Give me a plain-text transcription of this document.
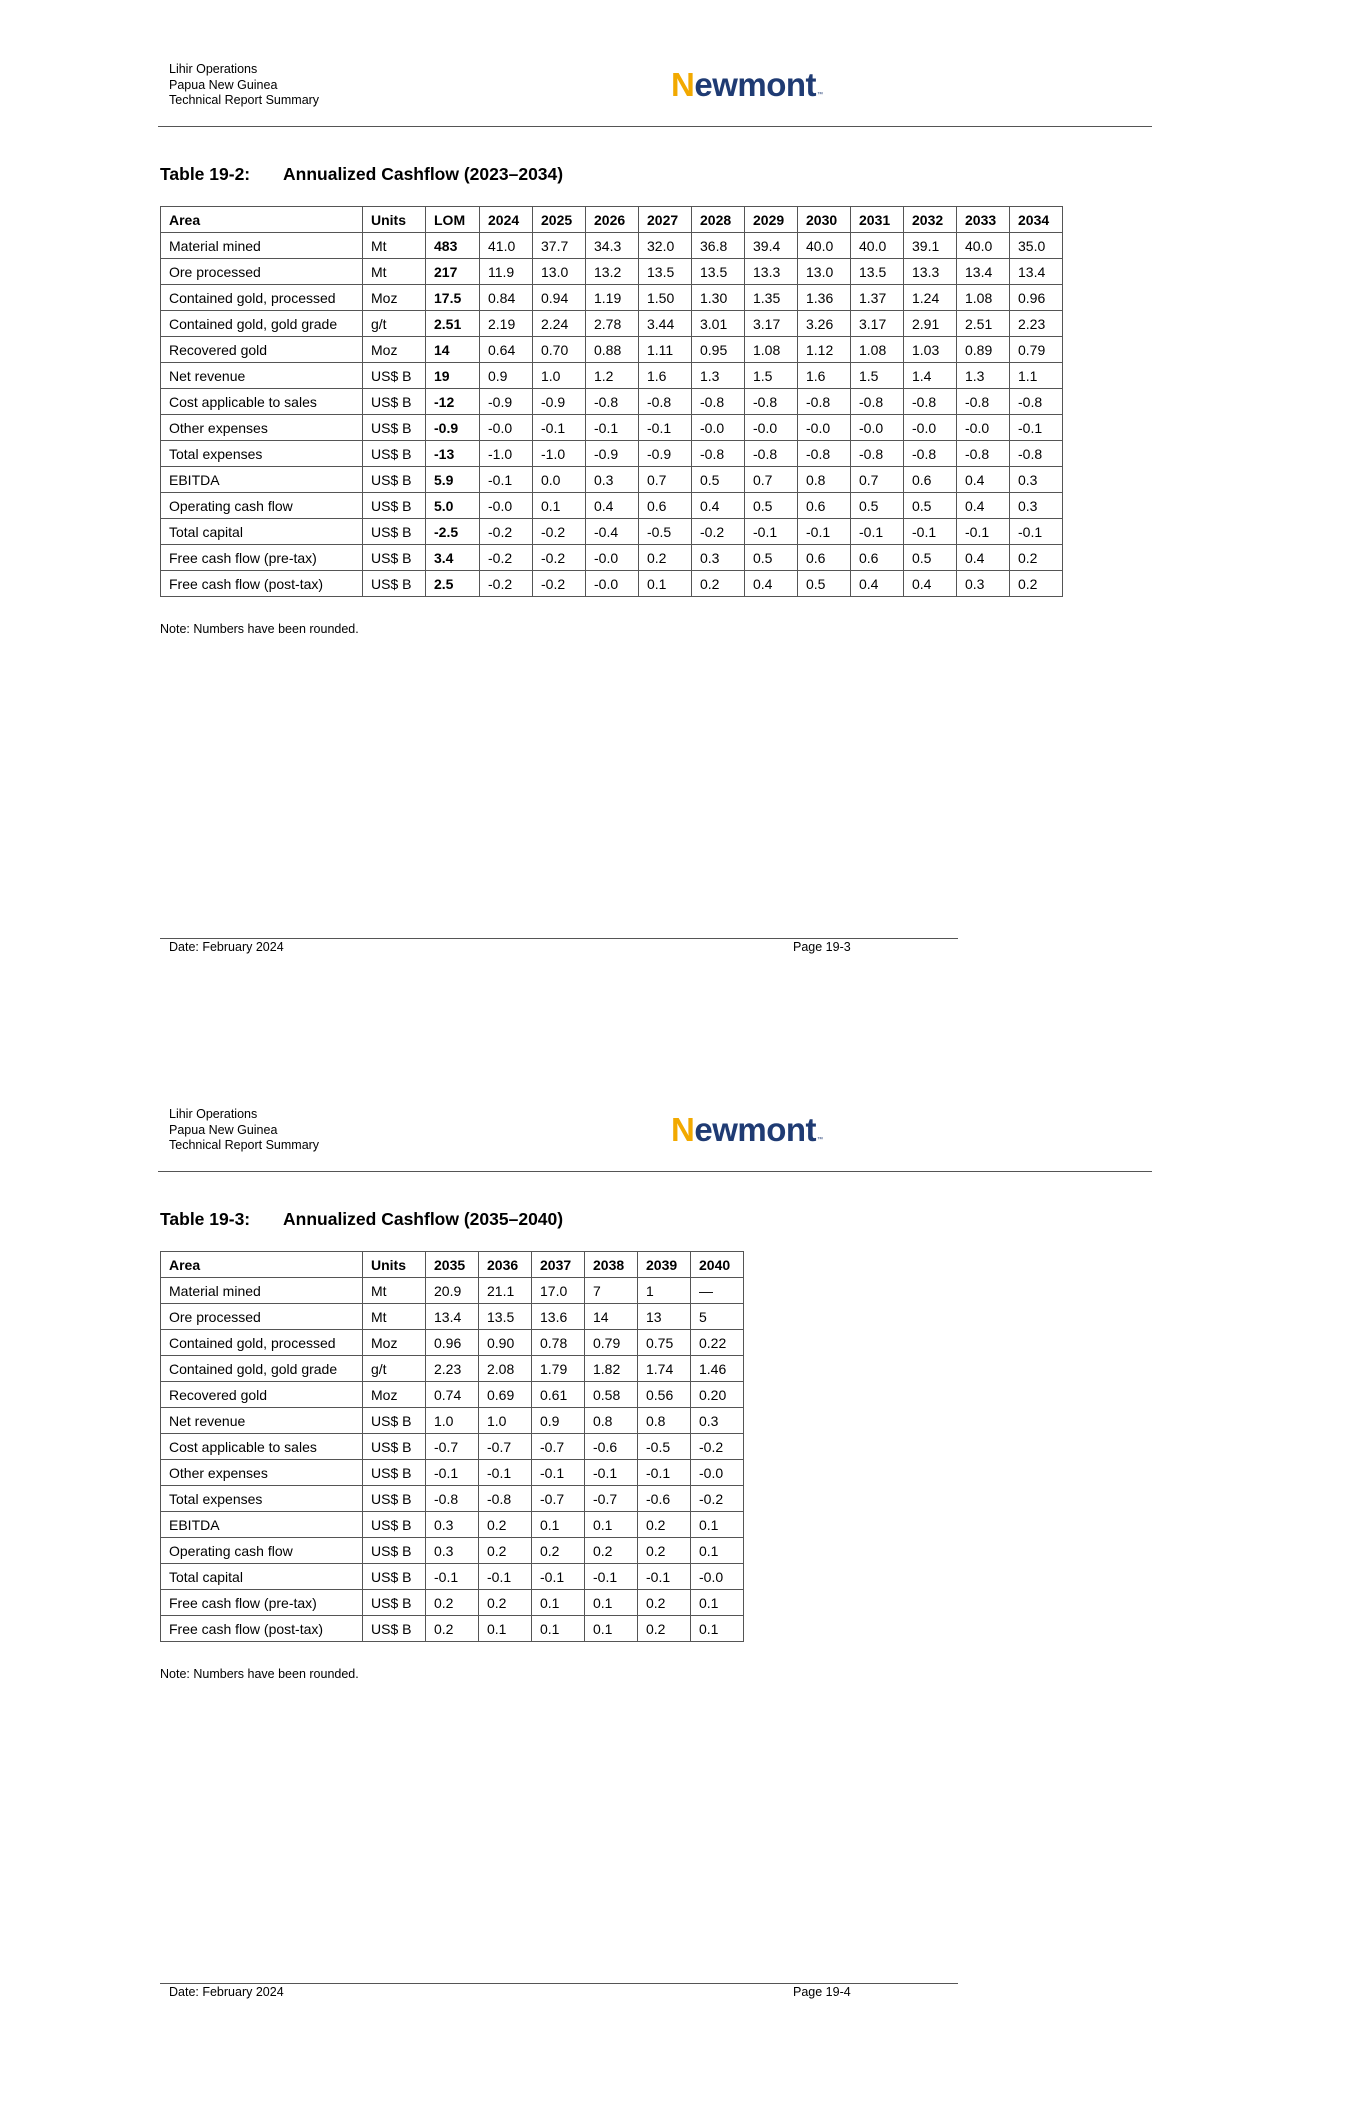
Lihir Operations
Papua New Guinea
Technical Report Summary	Newmont ™
Table 19-2: Annualized Cashflow (2023–2034)
Area	Units	LOM	2024	2025	2026	2027	2028	2029	2030	2031	2032	2033	2034
Material mined	Mt	483	41.0	37.7	34.3	32.0	36.8	39.4	40.0	40.0	39.1	40.0	35.0
Ore processed	Mt	217	11.9	13.0	13.2	13.5	13.5	13.3	13.0	13.5	13.3	13.4	13.4
Contained gold, processed	Moz	17.5	0.84	0.94	1.19	1.50	1.30	1.35	1.36	1.37	1.24	1.08	0.96
Contained gold, gold grade	g/t	2.51	2.19	2.24	2.78	3.44	3.01	3.17	3.26	3.17	2.91	2.51	2.23
Recovered gold	Moz	14	0.64	0.70	0.88	1.11	0.95	1.08	1.12	1.08	1.03	0.89	0.79
Net revenue	US$ B	19	0.9	1.0	1.2	1.6	1.3	1.5	1.6	1.5	1.4	1.3	1.1
Cost applicable to sales	US$ B	-12	-0.9	-0.9	-0.8	-0.8	-0.8	-0.8	-0.8	-0.8	-0.8	-0.8	-0.8
Other expenses	US$ B	-0.9	-0.0	-0.1	-0.1	-0.1	-0.0	-0.0	-0.0	-0.0	-0.0	-0.0	-0.1
Total expenses	US$ B	-13	-1.0	-1.0	-0.9	-0.9	-0.8	-0.8	-0.8	-0.8	-0.8	-0.8	-0.8
EBITDA	US$ B	5.9	-0.1	0.0	0.3	0.7	0.5	0.7	0.8	0.7	0.6	0.4	0.3
Operating cash flow	US$ B	5.0	-0.0	0.1	0.4	0.6	0.4	0.5	0.6	0.5	0.5	0.4	0.3
Total capital	US$ B	-2.5	-0.2	-0.2	-0.4	-0.5	-0.2	-0.1	-0.1	-0.1	-0.1	-0.1	-0.1
Free cash flow (pre-tax)	US$ B	3.4	-0.2	-0.2	-0.0	0.2	0.3	0.5	0.6	0.6	0.5	0.4	0.2
Free cash flow (post-tax)	US$ B	2.5	-0.2	-0.2	-0.0	0.1	0.2	0.4	0.5	0.4	0.4	0.3	0.2
Note: Numbers have been rounded.
Date: February 2024	Page 19-3
Lihir Operations
Papua New Guinea
Technical Report Summary	Newmont ™
Table 19-3: Annualized Cashflow (2035–2040)
Area	Units	2035	2036	2037	2038	2039	2040
Material mined	Mt	20.9	21.1	17.0	7	1	—
Ore processed	Mt	13.4	13.5	13.6	14	13	5
Contained gold, processed	Moz	0.96	0.90	0.78	0.79	0.75	0.22
Contained gold, gold grade	g/t	2.23	2.08	1.79	1.82	1.74	1.46
Recovered gold	Moz	0.74	0.69	0.61	0.58	0.56	0.20
Net revenue	US$ B	1.0	1.0	0.9	0.8	0.8	0.3
Cost applicable to sales	US$ B	-0.7	-0.7	-0.7	-0.6	-0.5	-0.2
Other expenses	US$ B	-0.1	-0.1	-0.1	-0.1	-0.1	-0.0
Total expenses	US$ B	-0.8	-0.8	-0.7	-0.7	-0.6	-0.2
EBITDA	US$ B	0.3	0.2	0.1	0.1	0.2	0.1
Operating cash flow	US$ B	0.3	0.2	0.2	0.2	0.2	0.1
Total capital	US$ B	-0.1	-0.1	-0.1	-0.1	-0.1	-0.0
Free cash flow (pre-tax)	US$ B	0.2	0.2	0.1	0.1	0.2	0.1
Free cash flow (post-tax)	US$ B	0.2	0.1	0.1	0.1	0.2	0.1
Note: Numbers have been rounded.
Date: February 2024	Page 19-4
